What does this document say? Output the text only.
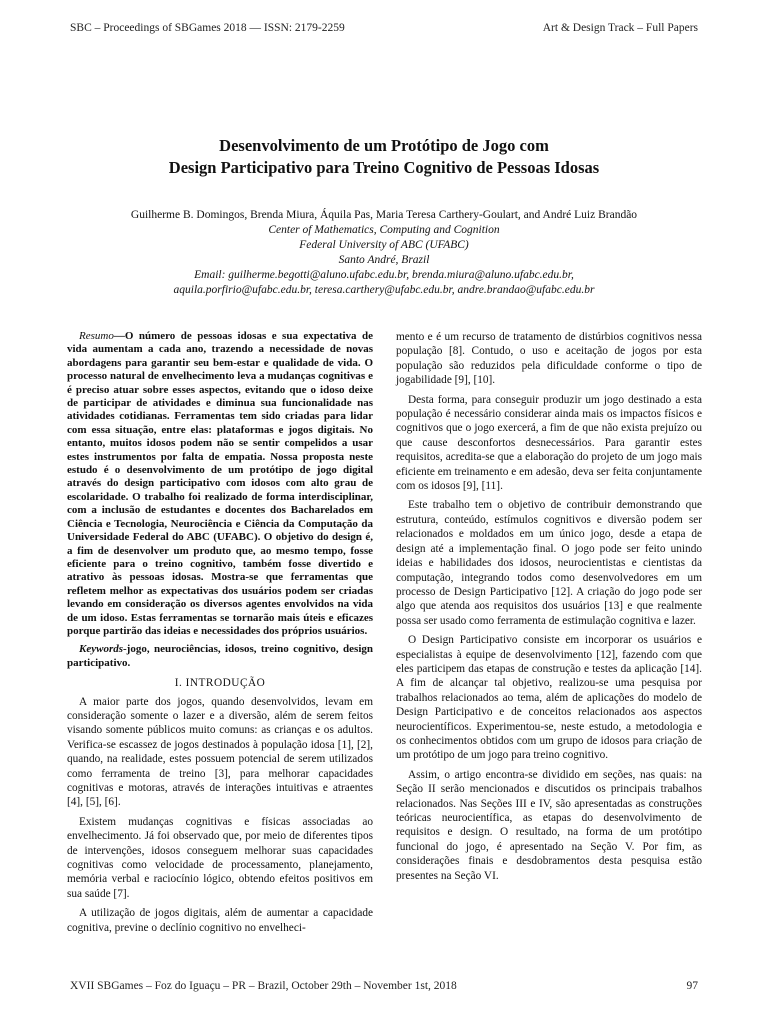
SBC – Proceedings of SBGames 2018 — ISSN: 2179-2259	Art & Design Track – Full Papers
Desenvolvimento de um Protótipo de Jogo com
Design Participativo para Treino Cognitivo de Pessoas Idosas
Guilherme B. Domingos, Brenda Miura, Áquila Pas, Maria Teresa Carthery-Goulart, and André Luiz Brandão
Center of Mathematics, Computing and Cognition
Federal University of ABC (UFABC)
Santo André, Brazil
Email: guilherme.begotti@aluno.ufabc.edu.br, brenda.miura@aluno.ufabc.edu.br,
aquila.porfirio@ufabc.edu.br, teresa.carthery@ufabc.edu.br, andre.brandao@ufabc.edu.br

Resumo—O número de pessoas idosas e sua expectativa de vida aumentam a cada ano, trazendo a necessidade de novas abordagens para garantir seu bem-estar e qualidade de vida. O processo natural de envelhecimento leva a mudanças cognitivas e é preciso atuar sobre esses aspectos, evitando que o idoso deixe de participar de atividades e diminua sua funcionalidade nas atividades cotidianas. Ferramentas tem sido criadas para lidar com essa situação, entre elas: plataformas e jogos digitais. No entanto, muitos idosos podem não se sentir compelidos a usar estes instrumentos por falta de empatia. Nossa proposta neste estudo é o desenvolvimento de um protótipo de jogo digital através do design participativo com idosos com alto grau de escolaridade. O trabalho foi realizado de forma interdisciplinar, com a inclusão de estudantes e docentes dos Bacharelados em Ciência e Tecnologia, Neurociência e Ciência da Computação da Universidade Federal do ABC (UFABC). O objetivo do design é, a fim de desenvolver um produto que, ao mesmo tempo, fosse eficiente para o treino cognitivo, também fosse divertido e atrativo às pessoas idosas. Mostra-se que ferramentas que refletem melhor as expectativas dos usuários podem ser criadas levando em consideração os diversos agentes envolvidos na vida de um idoso. Estas ferramentas se tornarão mais úteis e eficazes porque partirão das ideias e necessidades dos próprios usuários.

Keywords-jogo, neurociências, idosos, treino cognitivo, design participativo.

I. INTRODUÇÃO

A maior parte dos jogos, quando desenvolvidos, levam em consideração somente o lazer e a diversão, além de serem feitos visando somente públicos muito comuns: as crianças e os adultos. Verifica-se escassez de jogos destinados à população idosa [1], [2], quando, na realidade, estes possuem potencial de serem utilizados como ferramenta de treino [3], para melhorar capacidades cognitivas e motoras, através de interações intuitivas e atraentes [4], [5], [6].

Existem mudanças cognitivas e físicas associadas ao envelhecimento. Já foi observado que, por meio de diferentes tipos de intervenções, idosos conseguem melhorar suas capacidades cognitivas como velocidade de processamento, planejamento, memória verbal e raciocínio lógico, obtendo efeitos positivos em sua saúde [7].

A utilização de jogos digitais, além de aumentar a capacidade cognitiva, previne o declínio cognitivo no envelheci-

mento e é um recurso de tratamento de distúrbios cognitivos nessa população [8]. Contudo, o uso e aceitação de jogos por esta população são reduzidos pela dificuldade conforme o tipo de jogabilidade [9], [10].

Desta forma, para conseguir produzir um jogo destinado a esta população é necessário considerar ainda mais os impactos físicos e cognitivos que o jogo exercerá, a fim de que não exista prejuízo ou que cause desconfortos desnecessários. Para garantir estes requisitos, acredita-se que a elaboração do projeto de um jogo mais eficiente em treinamento e em adesão, deva ser feita conjuntamente com os idosos [9], [11].

Este trabalho tem o objetivo de contribuir demonstrando que estrutura, conteúdo, estímulos cognitivos e diversão podem ser relacionados e moldados em um único jogo, desde a etapa de design até a implementação final. O jogo pode ser feito unindo ideias e habilidades dos idosos, neurocientistas e cientistas da computação, integrando todos como desenvolvedores em um processo de Design Participativo [12]. A criação do jogo pode ser algo que atenda aos requisitos dos usuários [13] e que realmente possa ser usado como ferramenta de estimulação cognitiva e lazer.

O Design Participativo consiste em incorporar os usuários e especialistas à equipe de desenvolvimento [12], fazendo com que eles participem das etapas de construção e testes da aplicação [14]. A fim de alcançar tal objetivo, realizou-se uma pesquisa por trabalhos relacionados ao tema, além de aplicações do modelo de Design Participativo e de conceitos relacionados aos aspectos neurocientíficos. Experimentou-se, neste estudo, a metodologia e os conhecimentos obtidos com um grupo de idosos para criação de um protótipo de um jogo para treino cognitivo.

Assim, o artigo encontra-se dividido em seções, nas quais: na Seção II serão mencionados e discutidos os principais trabalhos relacionados. Nas Seções III e IV, são apresentadas as construções teóricas neurocientífica, as etapas do desenvolvimento de requisitos e design. O resultado, na forma de um protótipo funcional do jogo, é apresentado na Seção V. Por fim, as considerações finais e desdobramentos desta pesquisa estão presentes na Seção VI.

XVII SBGames – Foz do Iguaçu – PR – Brazil, October 29th – November 1st, 2018	97
